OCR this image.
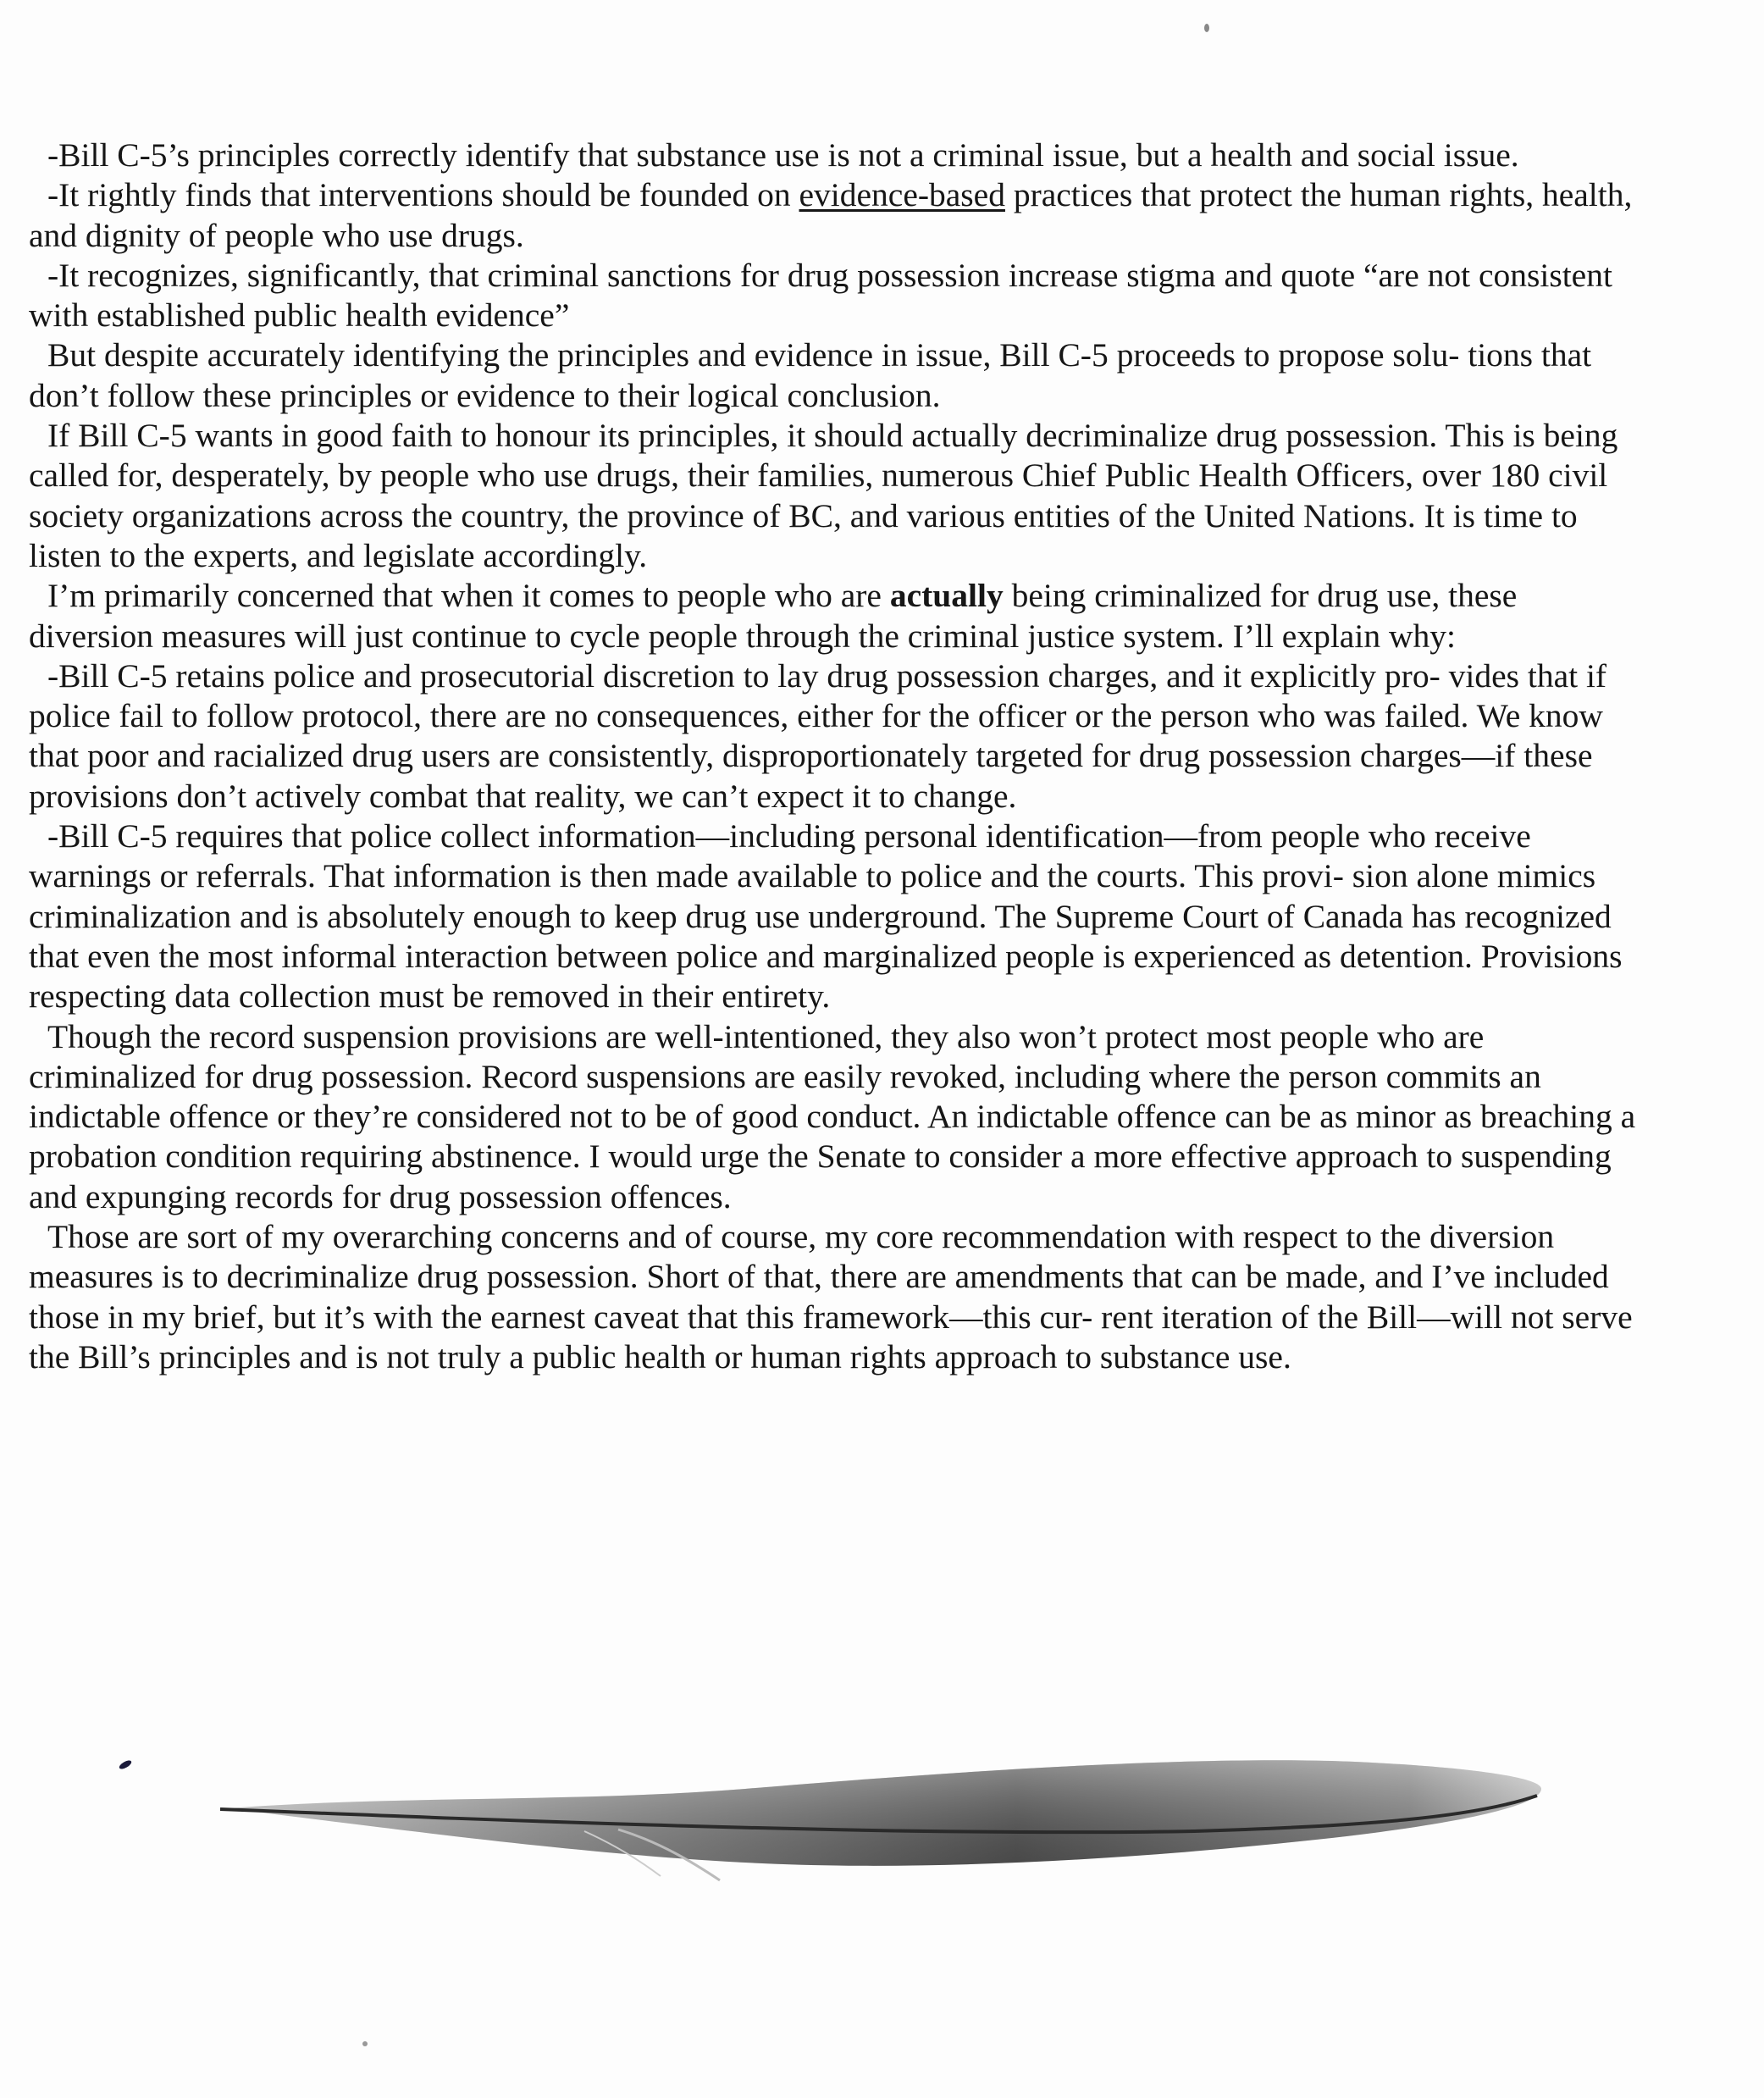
-Bill C-5’s principles correctly identify that substance use is not a criminal issue, but a health and social issue.

-It rightly finds that interventions should be founded on evidence-based practices that protect the human rights, health, and dignity of people who use drugs.

-It recognizes, significantly, that criminal sanctions for drug possession increase stigma and quote “are not consistent with established public health evidence”

But despite accurately identifying the principles and evidence in issue, Bill C-5 proceeds to propose solu- tions that don’t follow these principles or evidence to their logical conclusion.

If Bill C-5 wants in good faith to honour its principles, it should actually decriminalize drug possession. This is being called for, desperately, by people who use drugs, their families, numerous Chief Public Health Officers, over 180 civil society organizations across the country, the province of BC, and various entities of the United Nations. It is time to listen to the experts, and legislate accordingly.

I’m primarily concerned that when it comes to people who are actually being criminalized for drug use, these diversion measures will just continue to cycle people through the criminal justice system. I’ll explain why:

-Bill C-5 retains police and prosecutorial discretion to lay drug possession charges, and it explicitly pro- vides that if police fail to follow protocol, there are no consequences, either for the officer or the person who was failed. We know that poor and racialized drug users are consistently, disproportionately targeted for drug possession charges—if these provisions don’t actively combat that reality, we can’t expect it to change.

-Bill C-5 requires that police collect information—including personal identification—from people who receive warnings or referrals. That information is then made available to police and the courts. This provi- sion alone mimics criminalization and is absolutely enough to keep drug use underground. The Supreme Court of Canada has recognized that even the most informal interaction between police and marginalized people is experienced as detention. Provisions respecting data collection must be removed in their entirety.

Though the record suspension provisions are well-intentioned, they also won’t protect most people who are criminalized for drug possession. Record suspensions are easily revoked, including where the person commits an indictable offence or they’re considered not to be of good conduct. An indictable offence can be as minor as breaching a probation condition requiring abstinence. I would urge the Senate to consider a more effective approach to suspending and expunging records for drug possession offences.

Those are sort of my overarching concerns and of course, my core recommendation with respect to the diversion measures is to decriminalize drug possession. Short of that, there are amendments that can be made, and I’ve included those in my brief, but it’s with the earnest caveat that this framework—this cur- rent iteration of the Bill—will not serve the Bill’s principles and is not truly a public health or human rights approach to substance use.
